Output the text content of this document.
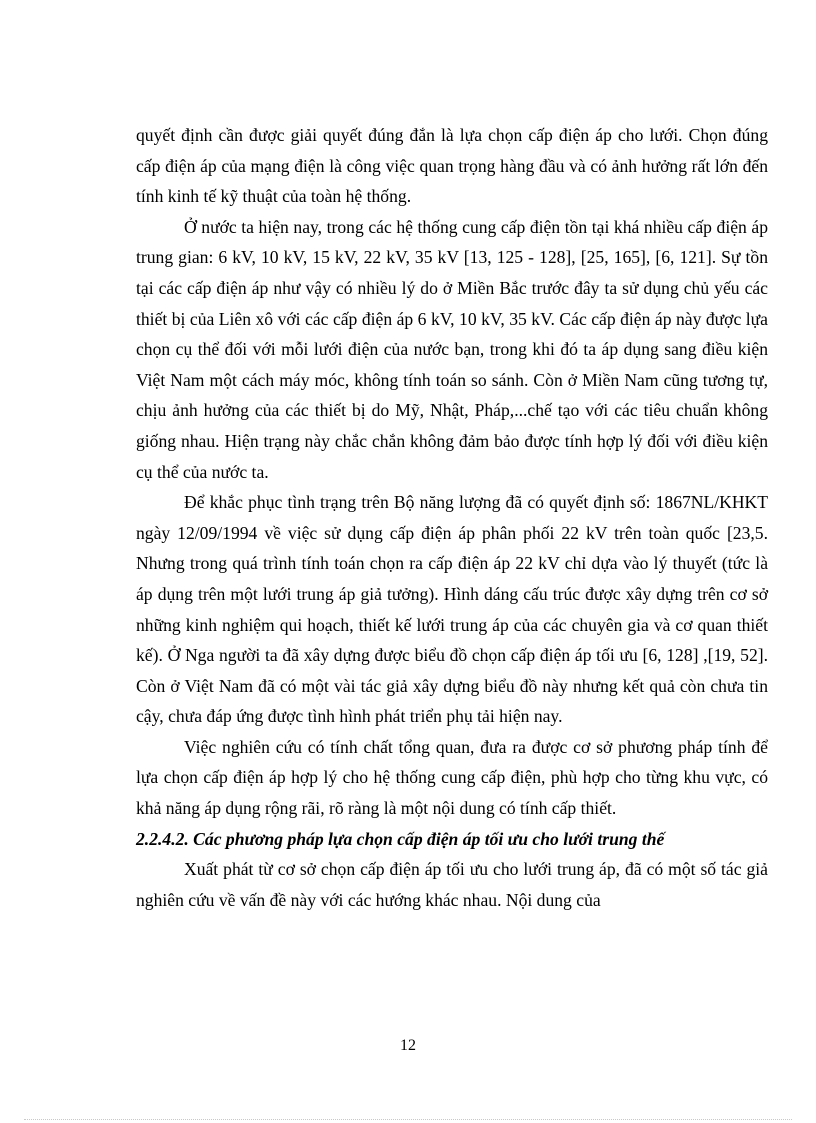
quyết định cần được giải quyết đúng đắn là lựa chọn cấp điện áp cho lưới. Chọn đúng cấp điện áp của mạng điện là công việc quan trọng hàng đầu và có ảnh hưởng rất lớn đến tính kinh tế kỹ thuật của toàn hệ thống.

Ở nước ta hiện nay, trong các hệ thống cung cấp điện tồn tại khá nhiều cấp điện áp trung gian: 6 kV, 10 kV, 15 kV, 22 kV, 35 kV [13, 125 - 128], [25, 165], [6, 121]. Sự tồn tại các cấp điện áp như vậy có nhiều lý do ở Miền Bắc trước đây ta sử dụng chủ yếu các thiết bị của Liên xô với các cấp điện áp 6 kV, 10 kV, 35 kV. Các cấp điện áp này được lựa chọn cụ thể đối với mỗi lưới điện của nước bạn, trong khi đó ta áp dụng sang điều kiện Việt Nam một cách máy móc, không tính toán so sánh. Còn ở Miền Nam cũng tương tự, chịu ảnh hưởng của các thiết bị do Mỹ, Nhật, Pháp,...chế tạo với các tiêu chuẩn không giống nhau. Hiện trạng này chắc chắn không đảm bảo được tính hợp lý đối với điều kiện cụ thể của nước ta.

Để khắc phục tình trạng trên Bộ năng lượng đã có quyết định số: 1867NL/KHKT ngày 12/09/1994 về việc sử dụng cấp điện áp phân phối 22 kV trên toàn quốc [23,5. Nhưng trong quá trình tính toán chọn ra cấp điện áp 22 kV chỉ dựa vào lý thuyết (tức là áp dụng trên một lưới trung áp giả tưởng). Hình dáng cấu trúc được xây dựng trên cơ sở những kinh nghiệm qui hoạch, thiết kế lưới trung áp của các chuyên gia và cơ quan thiết kế). Ở Nga người ta đã xây dựng được biểu đồ chọn cấp điện áp tối ưu [6, 128] ,[19, 52]. Còn ở Việt Nam đã có một vài tác giả xây dựng biểu đồ này nhưng kết quả còn chưa tin cậy, chưa đáp ứng được tình hình phát triển phụ tải hiện nay.

Việc nghiên cứu có tính chất tổng quan, đưa ra được cơ sở phương pháp tính để lựa chọn cấp điện áp hợp lý cho hệ thống cung cấp điện, phù hợp cho từng khu vực, có khả năng áp dụng rộng rãi, rõ ràng là một nội dung có tính cấp thiết.

2.2.4.2. Các phương pháp lựa chọn cấp điện áp tối ưu cho lưới trung thế

Xuất phát từ cơ sở chọn cấp điện áp tối ưu cho lưới trung áp, đã có một số tác giả nghiên cứu về vấn đề này với các hướng khác nhau. Nội dung của

12
